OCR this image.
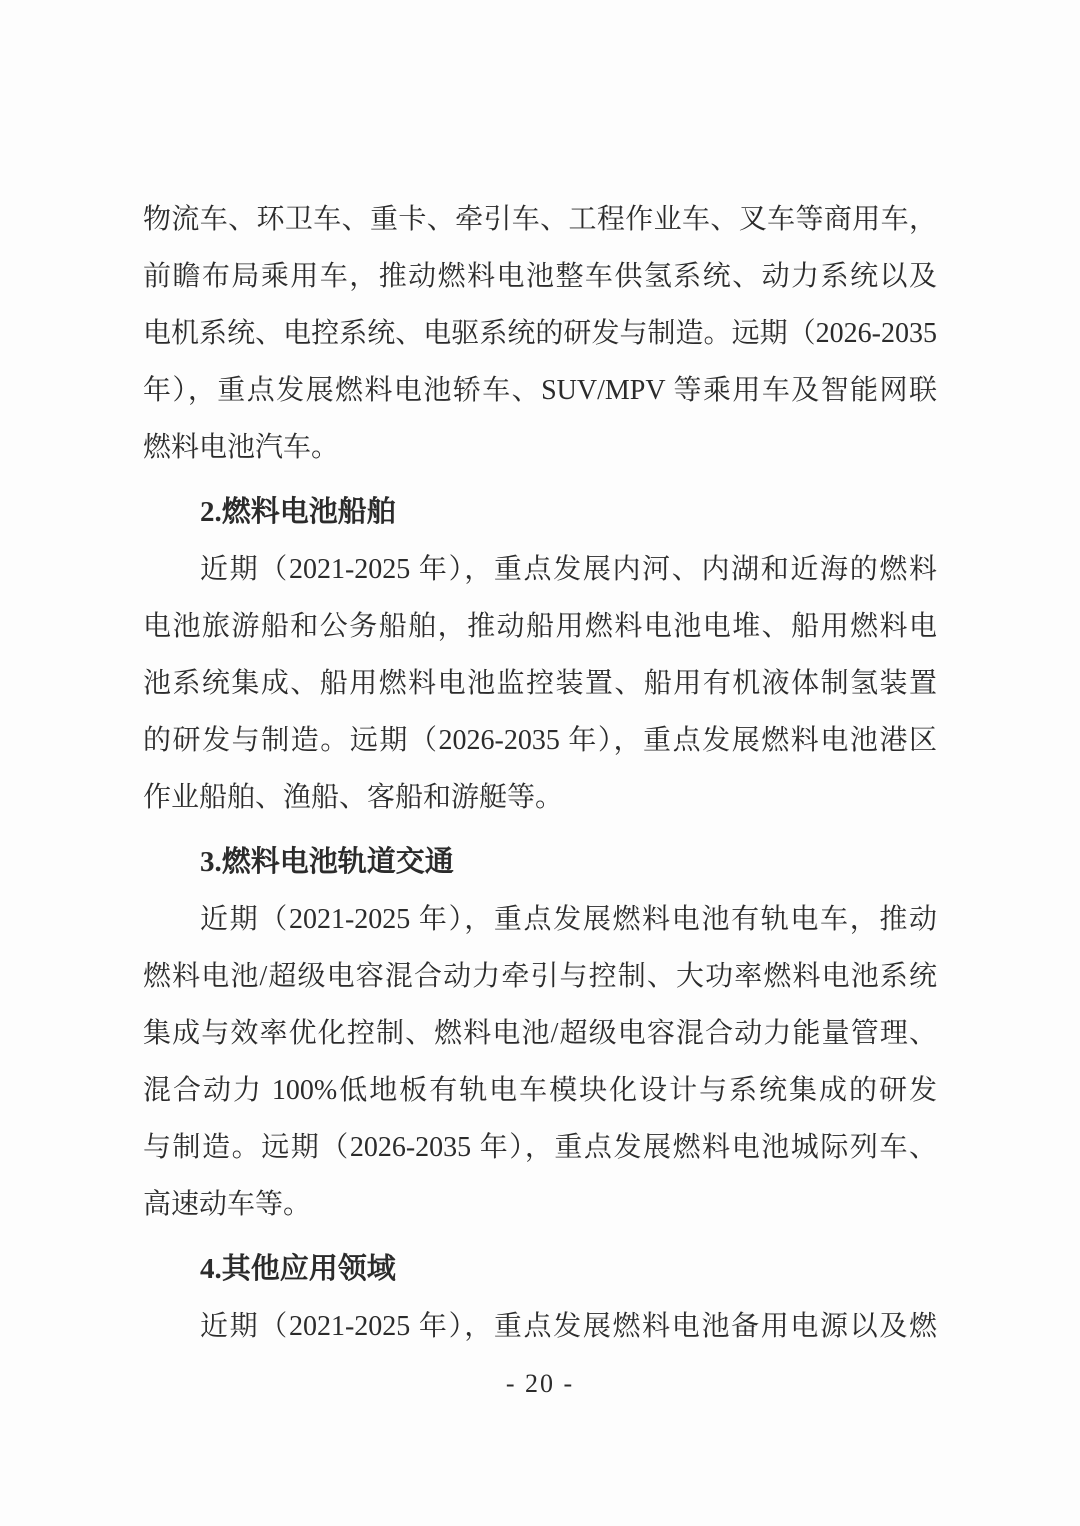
物流车、环卫车、重卡、牵引车、工程作业车、叉车等商用车，
前瞻布局乘用车，推动燃料电池整车供氢系统、动力系统以及
电机系统、电控系统、电驱系统的研发与制造。远期（2026-2035
年），重点发展燃料电池轿车、SUV/MPV 等乘用车及智能网联
燃料电池汽车。
2.燃料电池船舶
近期（2021-2025 年），重点发展内河、内湖和近海的燃料
电池旅游船和公务船舶，推动船用燃料电池电堆、船用燃料电
池系统集成、船用燃料电池监控装置、船用有机液体制氢装置
的研发与制造。远期（2026-2035 年），重点发展燃料电池港区
作业船舶、渔船、客船和游艇等。
3.燃料电池轨道交通
近期（2021-2025 年），重点发展燃料电池有轨电车，推动
燃料电池/超级电容混合动力牵引与控制、大功率燃料电池系统
集成与效率优化控制、燃料电池/超级电容混合动力能量管理、
混合动力 100%低地板有轨电车模块化设计与系统集成的研发
与制造。远期（2026-2035 年），重点发展燃料电池城际列车、
高速动车等。
4.其他应用领域
近期（2021-2025 年），重点发展燃料电池备用电源以及燃
- 20 -
